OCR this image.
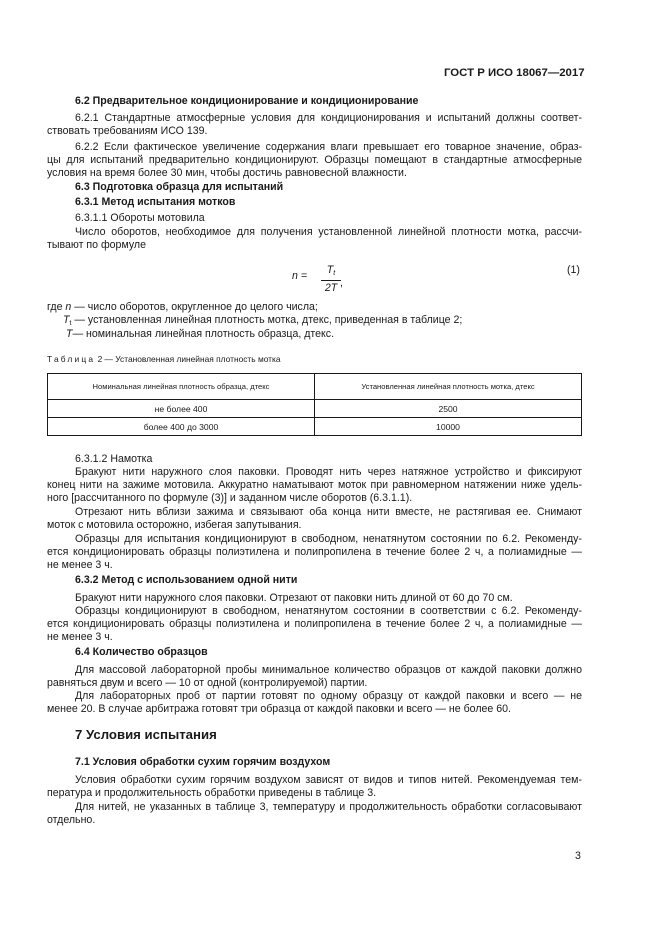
ГОСТ Р ИСО 18067—2017
6.2 Предварительное кондиционирование и кондиционирование
6.2.1 Стандартные атмосферные условия для кондиционирования и испытаний должны соответ-
ствовать требованиям ИСО 139.
6.2.2 Если фактическое увеличение содержания влаги превышает его товарное значение, образ-
цы для испытаний предварительно кондиционируют. Образцы помещают в стандартные атмосферные
условия на время более 30 мин, чтобы достичь равновесной влажности.
6.3 Подготовка образца для испытаний
6.3.1 Метод испытания мотков
6.3.1.1 Обороты мотовила
Число оборотов, необходимое для получения установленной линейной плотности мотка, рассчи-
тывают по формуле
n =	$T_t$
2T ,
(1)
где n — число оборотов, округленное до целого числа;
$T_t$ — установленная линейная плотность мотка, дтекс, приведенная в таблице 2;
T— номинальная линейная плотность образца, дтекс.
Таблица 2 — Установленная линейная плотность мотка
Номинальная линейная плотность образца, дтекс	Установленная линейная плотность мотка, дтекс
не более 400	2500
более 400 до 3000	10000
6.3.1.2 Намотка
Бракуют нити наружного слоя паковки. Проводят нить через натяжное устройство и фиксируют
конец нити на зажиме мотовила. Аккуратно наматывают моток при равномерном натяжении ниже удель-
ного [рассчитанного по формуле (3)] и заданном числе оборотов (6.3.1.1).
Отрезают нить вблизи зажима и связывают оба конца нити вместе, не растягивая ее. Снимают
моток с мотовила осторожно, избегая запутывания.
Образцы для испытания кондиционируют в свободном, ненатянутом состоянии по 6.2. Рекоменду-
ется кондиционировать образцы полиэтилена и полипропилена в течение более 2 ч, а полиамидные —
не менее 3 ч.
6.3.2 Метод с использованием одной нити
Бракуют нити наружного слоя паковки. Отрезают от паковки нить длиной от 60 до 70 см.
Образцы кондиционируют в свободном, ненатянутом состоянии в соответствии с 6.2. Рекоменду-
ется кондиционировать образцы полиэтилена и полипропилена в течение более 2 ч, а полиамидные —
не менее 3 ч.
6.4 Количество образцов
Для массовой лабораторной пробы минимальное количество образцов от каждой паковки должно
равняться двум и всего — 10 от одной (контролируемой) партии.
Для лабораторных проб от партии готовят по одному образцу от каждой паковки и всего — не
менее 20. В случае арбитража готовят три образца от каждой паковки и всего — не более 60.
7 Условия испытания
7.1 Условия обработки сухим горячим воздухом
Условия обработки сухим горячим воздухом зависят от видов и типов нитей. Рекомендуемая тем-
пература и продолжительность обработки приведены в таблице 3.
Для нитей, не указанных в таблице 3, температуру и продолжительность обработки согласовывают
отдельно.
3
